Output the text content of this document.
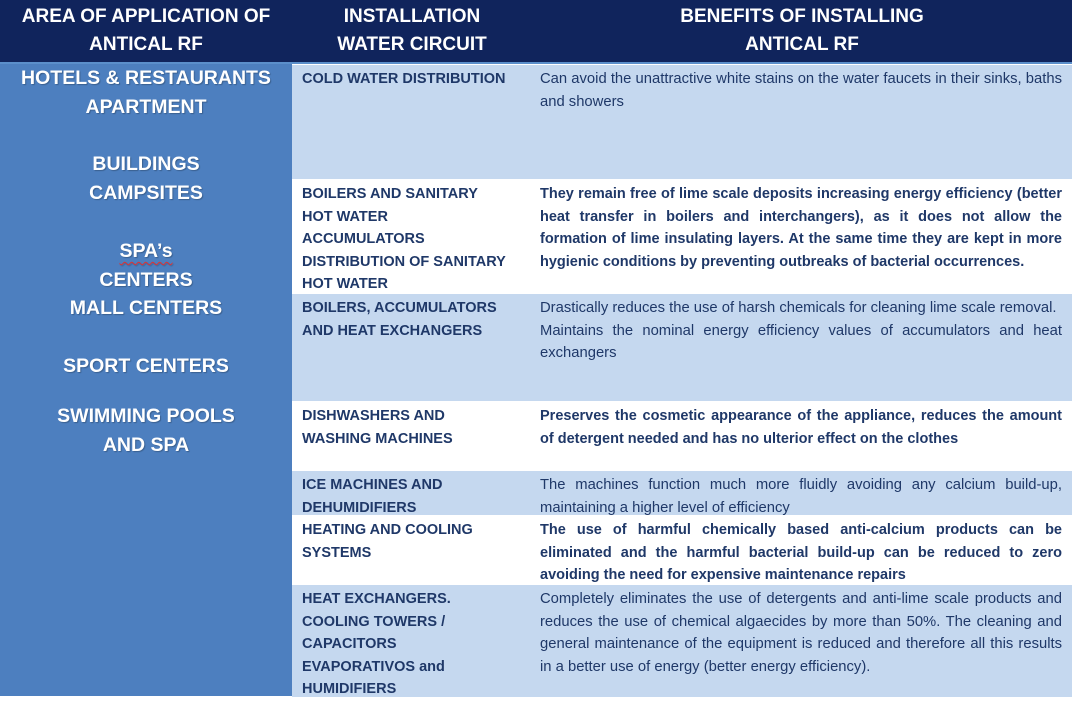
AREA OF APPLICATION OF
ANTICAL RF
INSTALLATION
WATER CIRCUIT
BENEFITS OF INSTALLING
ANTICAL RF
HOTELS & RESTAURANTS
APARTMENT
BUILDINGS
CAMPSITES
SPA’s
CENTERS
MALL CENTERS
SPORT CENTERS
SWIMMING POOLS
AND SPA
COLD WATER DISTRIBUTION	Can avoid the unattractive white stains on the water faucets in their sinks, baths and showers

BOILERS AND SANITARY
HOT WATER
ACCUMULATORS
DISTRIBUTION OF SANITARY
HOT WATER

They remain free of lime scale deposits increasing energy efficiency (better heat transfer in boilers and interchangers), as it does not allow the formation of lime insulating layers. At the same time they are kept in more hygienic conditions by preventing outbreaks of bacterial occurrences.

BOILERS, ACCUMULATORS
AND HEAT EXCHANGERS

Drastically reduces the use of harsh chemicals for cleaning lime scale removal.

Maintains the nominal energy efficiency values of accumulators and heat exchangers

DISHWASHERS AND
WASHING MACHINES

Preserves the cosmetic appearance of the appliance, reduces the amount of detergent needed and has no ulterior effect on the clothes

ICE MACHINES AND
DEHUMIDIFIERS

The machines function much more fluidly avoiding any calcium build-up, maintaining a higher level of efficiency

HEATING AND COOLING
SYSTEMS

The use of harmful chemically based anti-calcium products can be eliminated and the harmful bacterial build-up can be reduced to zero avoiding the need for expensive maintenance repairs

HEAT EXCHANGERS.
COOLING TOWERS /
CAPACITORS
EVAPORATIVOS and
HUMIDIFIERS

Completely eliminates the use of detergents and anti-lime scale products and reduces the use of chemical algaecides by more than 50%. The cleaning and general maintenance of the equipment is reduced and therefore all this results in a better use of energy (better energy efficiency).
